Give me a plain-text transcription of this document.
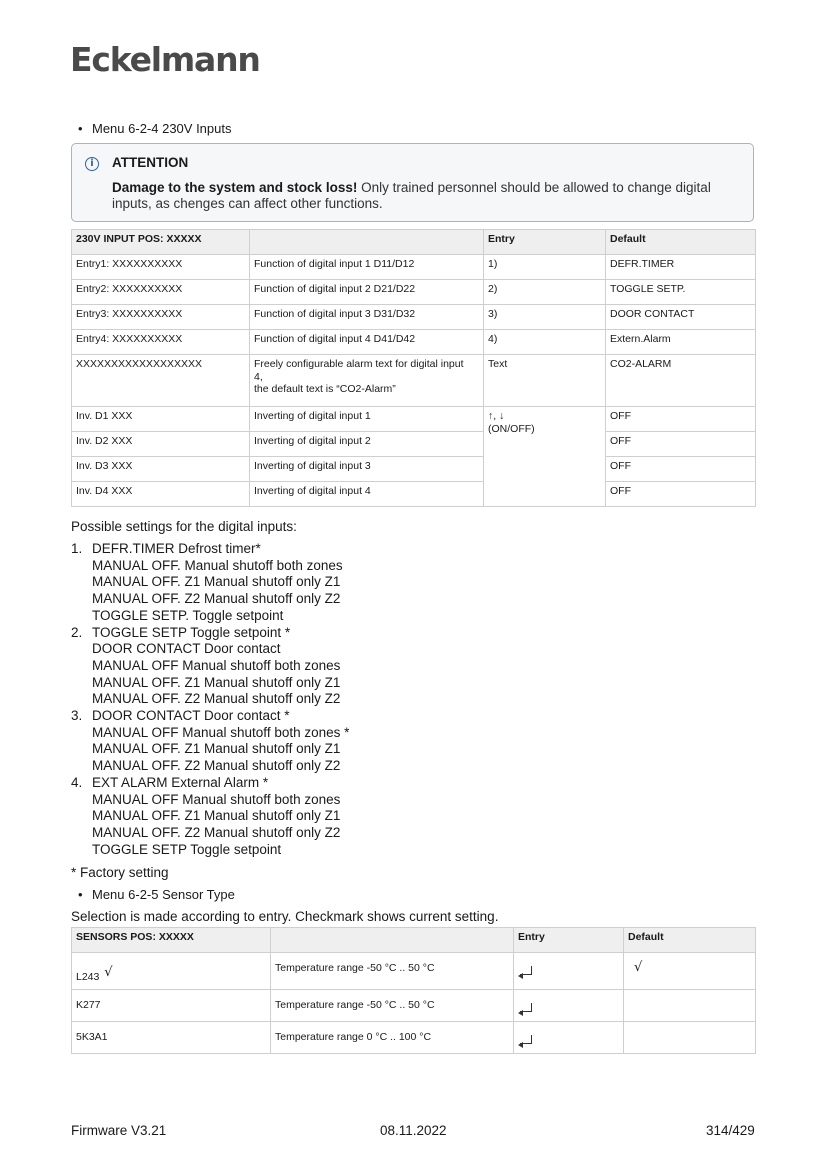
Eckelmann
• Menu 6-2-4 230V Inputs
i	ATTENTION
Damage to the system and stock loss! Only trained personnel should be allowed to change digital inputs, as chenges can affect other functions.
230V INPUT POS: XXXXX		Entry	Default
Entry1: XXXXXXXXXX	Function of digital input 1 D11/D12	1)	DEFR.TIMER
Entry2: XXXXXXXXXX	Function of digital input 2 D21/D22	2)	TOGGLE SETP.
Entry3: XXXXXXXXXX	Function of digital input 3 D31/D32	3)	DOOR CONTACT
Entry4: XXXXXXXXXX	Function of digital input 4 D41/D42	4)	Extern.Alarm
XXXXXXXXXXXXXXXXXX	Freely configurable alarm text for digital input
4,
the default text is “CO2-Alarm”	Text	CO2-ALARM
Inv. D1 XXX	Inverting of digital input 1	↑, ↓
(ON/OFF)	OFF
Inv. D2 XXX	Inverting of digital input 2		OFF
Inv. D3 XXX	Inverting of digital input 3		OFF
Inv. D4 XXX	Inverting of digital input 4		OFF
Possible settings for the digital inputs:
1. DEFR.TIMER Defrost timer*
MANUAL OFF. Manual shutoff both zones
MANUAL OFF. Z1 Manual shutoff only Z1
MANUAL OFF. Z2 Manual shutoff only Z2
TOGGLE SETP. Toggle setpoint
2. TOGGLE SETP Toggle setpoint *
DOOR CONTACT Door contact
MANUAL OFF Manual shutoff both zones
MANUAL OFF. Z1 Manual shutoff only Z1
MANUAL OFF. Z2 Manual shutoff only Z2
3. DOOR CONTACT Door contact *
MANUAL OFF Manual shutoff both zones *
MANUAL OFF. Z1 Manual shutoff only Z1
MANUAL OFF. Z2 Manual shutoff only Z2
4. EXT ALARM External Alarm *
MANUAL OFF Manual shutoff both zones
MANUAL OFF. Z1 Manual shutoff only Z1
MANUAL OFF. Z2 Manual shutoff only Z2
TOGGLE SETP Toggle setpoint
* Factory setting
• Menu 6-2-5 Sensor Type
Selection is made according to entry. Checkmark shows current setting.
SENSORS POS: XXXXX		Entry	Default
L243 √	Temperature range -50 °C .. 50 °C		√
K277	Temperature range -50 °C .. 50 °C		
5K3A1	Temperature range 0 °C .. 100 °C		
Firmware V3.21	08.11.2022	314/429
